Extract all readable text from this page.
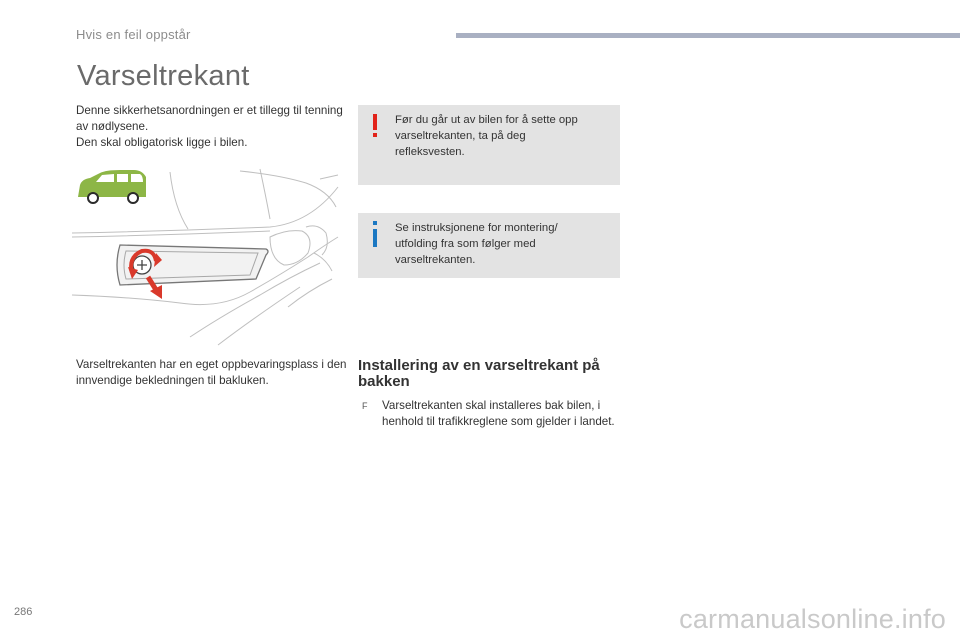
Hvis en feil oppstår
Varseltrekant

Denne sikkerhetsanordningen er et tillegg til tenning av nødlysene.

Den skal obligatorisk ligge i bilen.

Varseltrekanten har en eget oppbevaringsplass i den innvendige bekledningen til bakluken.
Før du går ut av bilen for å sette opp varseltrekanten, ta på deg refleksvesten.
Se instruksjonene for montering/ utfolding fra som følger med varseltrekanten.
Installering av en varseltrekant på bakken
F Varseltrekanten skal installeres bak bilen, i henhold til trafikkreglene som gjelder i landet.
286	carmanualsonline.info
